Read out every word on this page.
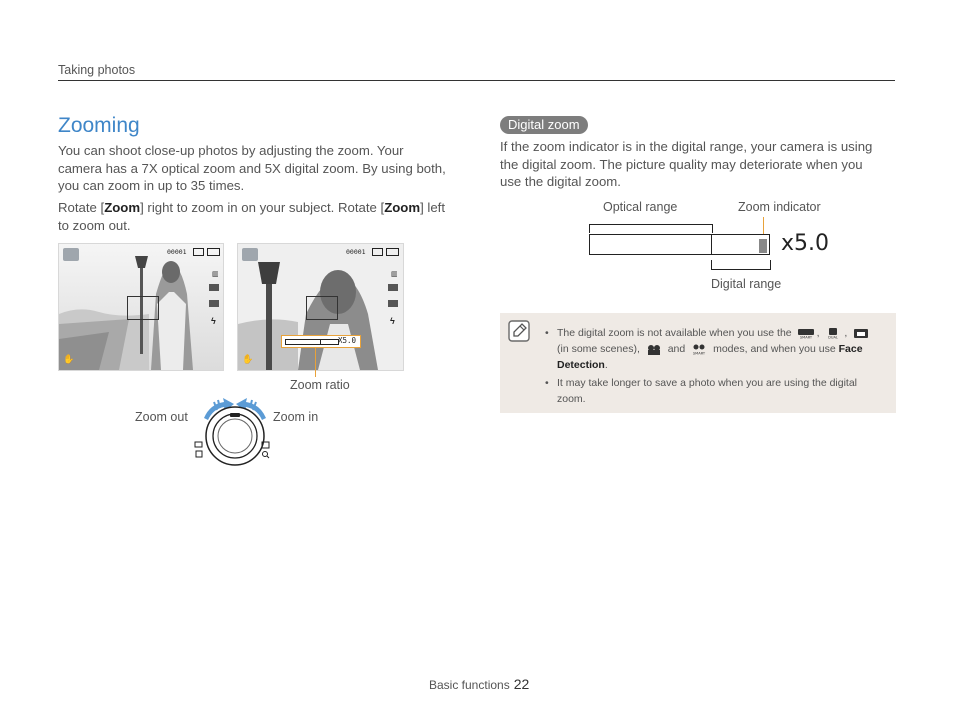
Taking photos
Zooming
You can shoot close-up photos by adjusting the zoom. Your camera has a 7X optical zoom and 5X digital zoom. By using both, you can zoom in up to 35 times.
Rotate [Zoom] right to zoom in on your subject. Rotate [Zoom] left to zoom out.
00001
▥
ϟ
✋
00001
▥
ϟ
✋
X5.0
Zoom ratio
Zoom out	Zoom in
Digital zoom
If the zoom indicator is in the digital range, your camera is using the digital zoom. The picture quality may deteriorate when you use the digital zoom.
Optical range	Zoom indicator
x5.0
Digital range
• The digital zoom is not available when you use the SMART , DUAL ,  (in some scenes),	and SMART modes, and when you use Face Detection.
• It may take longer to save a photo when you are using the digital zoom.
Basic functions 22
